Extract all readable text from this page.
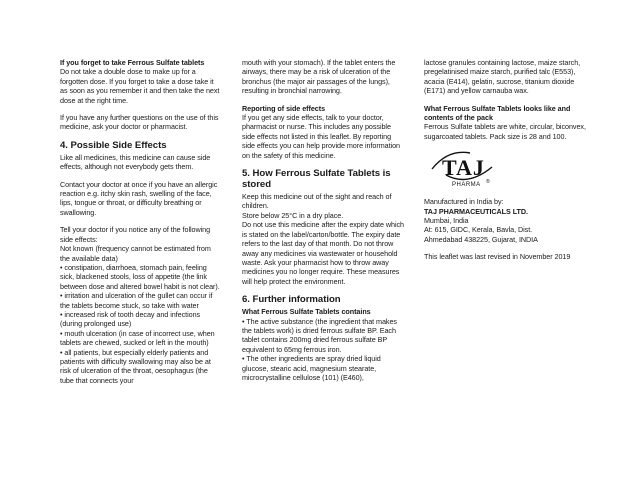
If you forget to take Ferrous Sulfate tablets
Do not take a double dose to make up for a forgotten dose. If you forget to take a dose take it as soon as you remember it and then take the next dose at the right time.
If you have any further questions on the use of this medicine, ask your doctor or pharmacist.
4. Possible Side Effects
Like all medicines, this medicine can cause side effects, although not everybody gets them.
Contact your doctor at once if you have an allergic reaction e.g. itchy skin rash, swelling of the face, lips, tongue or throat, or difficulty breathing or swallowing.
Tell your doctor if you notice any of the following side effects:
Not known (frequency cannot be estimated from the available data)
• constipation, diarrhoea, stomach pain, feeling sick, blackened stools, loss of appetite (the link between dose and altered bowel habit is not clear).
• irritation and ulceration of the gullet can occur if the tablets become stuck, so take with water
• increased risk of tooth decay and infections (during prolonged use)
• mouth ulceration (in case of incorrect use, when tablets are chewed, sucked or left in the mouth)
• all patients, but especially elderly patients and patients with difficulty swallowing may also be at risk of ulceration of the throat, oesophagus (the tube that connects your
mouth with your stomach). If the tablet enters the airways, there may be a risk of ulceration of the bronchus (the major air passages of the lungs), resulting in bronchial narrowing.
Reporting of side effects
If you get any side effects, talk to your doctor, pharmacist or nurse. This includes any possible side effects not listed in this leaflet. By reporting side effects you can help provide more information on the safety of this medicine.
5. How Ferrous Sulfate Tablets is stored
Keep this medicine out of the sight and reach of children.
Store below 25°C in a dry place.
Do not use this medicine after the expiry date which is stated on the label/carton/bottle. The expiry date refers to the last day of that month. Do not throw away any medicines via wastewater or household waste. Ask your pharmacist how to throw away medicines you no longer require. These measures will help protect the environment.
6. Further information
What Ferrous Sulfate Tablets contains
• The active substance (the ingredient that makes the tablets work) is dried ferrous sulfate BP. Each tablet contains 200mg dried ferrous sulfate BP equivalent to 65mg ferrous iron.
• The other ingredients are spray dried liquid glucose, stearic acid, magnesium stearate, microcrystalline cellulose (101) (E460),
lactose granules containing lactose, maize starch, pregelatinised maize starch, purified talc (E553), acacia (E414), gelatin, sucrose, titanium dioxide (E171) and yellow carnauba wax.
What Ferrous Sulfate Tablets looks like and contents of the pack
Ferrous Sulfate tablets are white, circular, biconvex, sugarcoated tablets. Pack size is 28 and 100.
TAJ
PHARMA ®
Manufactured in India by:
TAJ PHARMACEUTICALS LTD.
Mumbai, India
At: 615, GIDC, Kerala, Bavla, Dist.
Ahmedabad 438225, Gujarat, INDIA
This leaflet was last revised in November 2019
